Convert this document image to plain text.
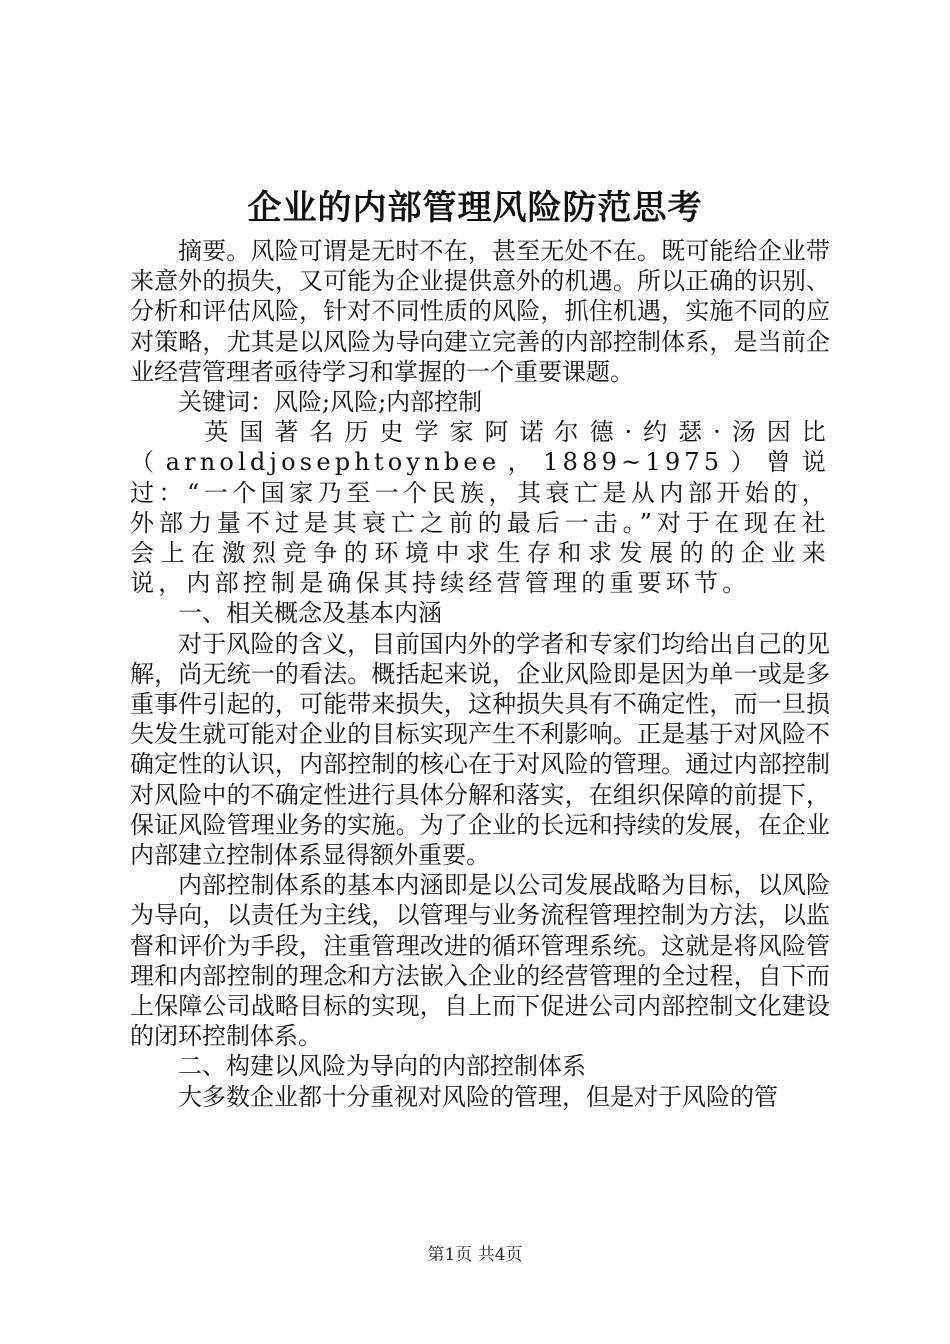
企业的内部管理风险防范思考

摘要。风险可谓是无时不在，甚至无处不在。既可能给企业带来意外的损失，又可能为企业提供意外的机遇。所以正确的识别、分析和评估风险，针对不同性质的风险，抓住机遇，实施不同的应对策略，尤其是以风险为导向建立完善的内部控制体系，是当前企业经营管理者亟待学习和掌握的一个重要课题。

关键词：风险;风险;内部控制

英国著名历史学家阿诺尔德·约瑟·汤因比（arnoldjosephtoynbee，1889~1975）曾说过：“一个国家乃至一个民族，其衰亡是从内部开始的，外部力量不过是其衰亡之前的最后一击。”对于在现在社会上在激烈竞争的环境中求生存和求发展的的企业来说，内部控制是确保其持续经营管理的重要环节。

一、相关概念及基本内涵

对于风险的含义，目前国内外的学者和专家们均给出自己的见解，尚无统一的看法。概括起来说，企业风险即是因为单一或是多重事件引起的，可能带来损失，这种损失具有不确定性，而一旦损失发生就可能对企业的目标实现产生不利影响。正是基于对风险不确定性的认识，内部控制的核心在于对风险的管理。通过内部控制对风险中的不确定性进行具体分解和落实，在组织保障的前提下，保证风险管理业务的实施。为了企业的长远和持续的发展，在企业内部建立控制体系显得额外重要。

内部控制体系的基本内涵即是以公司发展战略为目标，以风险为导向，以责任为主线，以管理与业务流程管理控制为方法，以监督和评价为手段，注重管理改进的循环管理系统。这就是将风险管理和内部控制的理念和方法嵌入企业的经营管理的全过程，自下而上保障公司战略目标的实现，自上而下促进公司内部控制文化建设的闭环控制体系。

二、构建以风险为导向的内部控制体系

大多数企业都十分重视对风险的管理，但是对于风险的管

第1页 共4页
